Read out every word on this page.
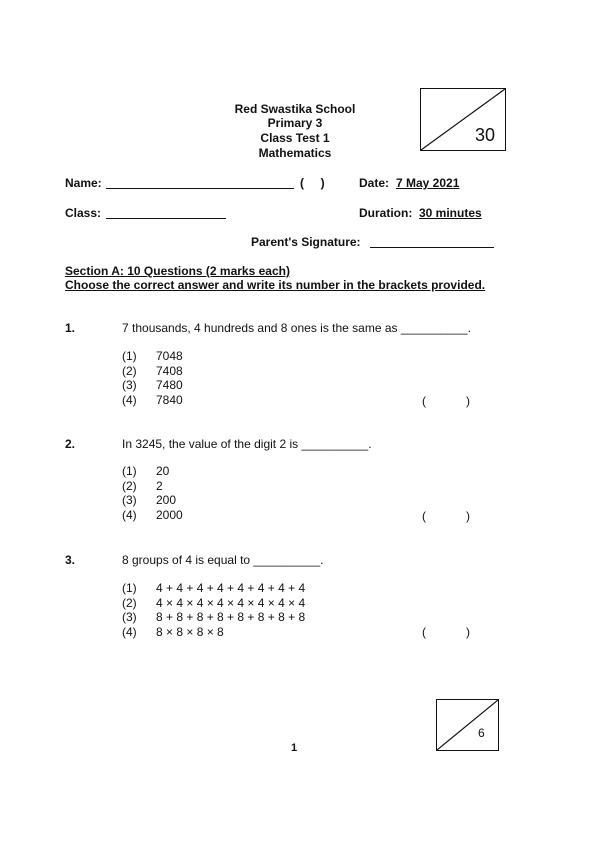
Red Swastika School
Primary 3
Class Test 1
Mathematics
30
Name:	(     )	Date: 7 May 2021
Class:	Duration: 30 minutes
Parent's Signature:
Section A: 10 Questions (2 marks each)
Choose the correct answer and write its number in the brackets provided.
1.	7 thousands, 4 hundreds and 8 ones is the same as __________.
(1) 7048
(2) 7408
(3) 7480
(4) 7840	(            )
2.	In 3245, the value of the digit 2 is __________.
(1) 20
(2) 2
(3) 200
(4) 2000	(            )
3.	8 groups of 4 is equal to __________.
(1) 4 + 4 + 4 + 4 + 4 + 4 + 4 + 4
(2) 4 × 4 × 4 × 4 × 4 × 4 × 4 × 4
(3) 8 + 8 + 8 + 8 + 8 + 8 + 8 + 8
(4) 8 × 8 × 8 × 8	(            )
6
1
